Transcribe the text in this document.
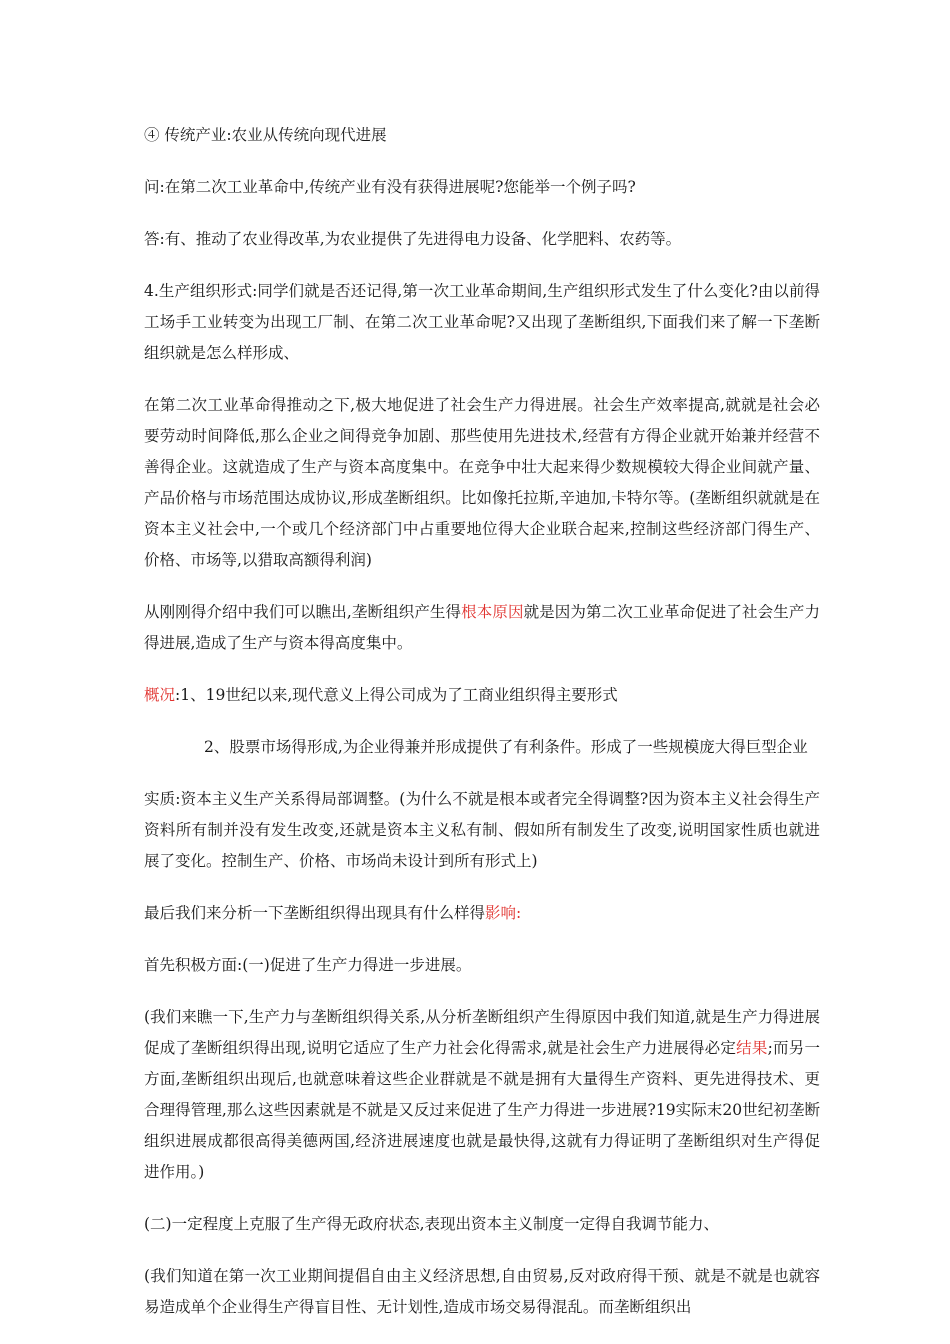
④ 传统产业:农业从传统向现代进展

问:在第二次工业革命中,传统产业有没有获得进展呢?您能举一个例子吗?

答:有、推动了农业得改革,为农业提供了先进得电力设备、化学肥料、农药等。

4.生产组织形式:同学们就是否还记得,第一次工业革命期间,生产组织形式发生了什么变化?由以前得工场手工业转变为出现工厂制、在第二次工业革命呢?又出现了垄断组织,下面我们来了解一下垄断组织就是怎么样形成、

在第二次工业革命得推动之下,极大地促进了社会生产力得进展。社会生产效率提高,就就是社会必要劳动时间降低,那么企业之间得竞争加剧、那些使用先进技术,经营有方得企业就开始兼并经营不善得企业。这就造成了生产与资本高度集中。在竞争中壮大起来得少数规模较大得企业间就产量、产品价格与市场范围达成协议,形成垄断组织。比如像托拉斯,辛迪加,卡特尔等。(垄断组织就就是在资本主义社会中,一个或几个经济部门中占重要地位得大企业联合起来,控制这些经济部门得生产、价格、市场等,以猎取高额得利润)

从刚刚得介绍中我们可以瞧出,垄断组织产生得根本原因就是因为第二次工业革命促进了社会生产力得进展,造成了生产与资本得高度集中。

概况:1、19世纪以来,现代意义上得公司成为了工商业组织得主要形式

2、股票市场得形成,为企业得兼并形成提供了有利条件。形成了一些规模庞大得巨型企业

实质:资本主义生产关系得局部调整。(为什么不就是根本或者完全得调整?因为资本主义社会得生产资料所有制并没有发生改变,还就是资本主义私有制、假如所有制发生了改变,说明国家性质也就进展了变化。控制生产、价格、市场尚未设计到所有形式上)

最后我们来分析一下垄断组织得出现具有什么样得影响:

首先积极方面:(一)促进了生产力得进一步进展。

(我们来瞧一下,生产力与垄断组织得关系,从分析垄断组织产生得原因中我们知道,就是生产力得进展促成了垄断组织得出现,说明它适应了生产力社会化得需求,就是社会生产力进展得必定结果;而另一方面,垄断组织出现后,也就意味着这些企业群就是不就是拥有大量得生产资料、更先进得技术、更合理得管理,那么这些因素就是不就是又反过来促进了生产力得进一步进展?19实际末20世纪初垄断组织进展成都很高得美德两国,经济进展速度也就是最快得,这就有力得证明了垄断组织对生产得促进作用。)

(二)一定程度上克服了生产得无政府状态,表现出资本主义制度一定得自我调节能力、

(我们知道在第一次工业期间提倡自由主义经济思想,自由贸易,反对政府得干预、就是不就是也就容易造成单个企业得生产得盲目性、无计划性,造成市场交易得混乱。而垄断组织出
